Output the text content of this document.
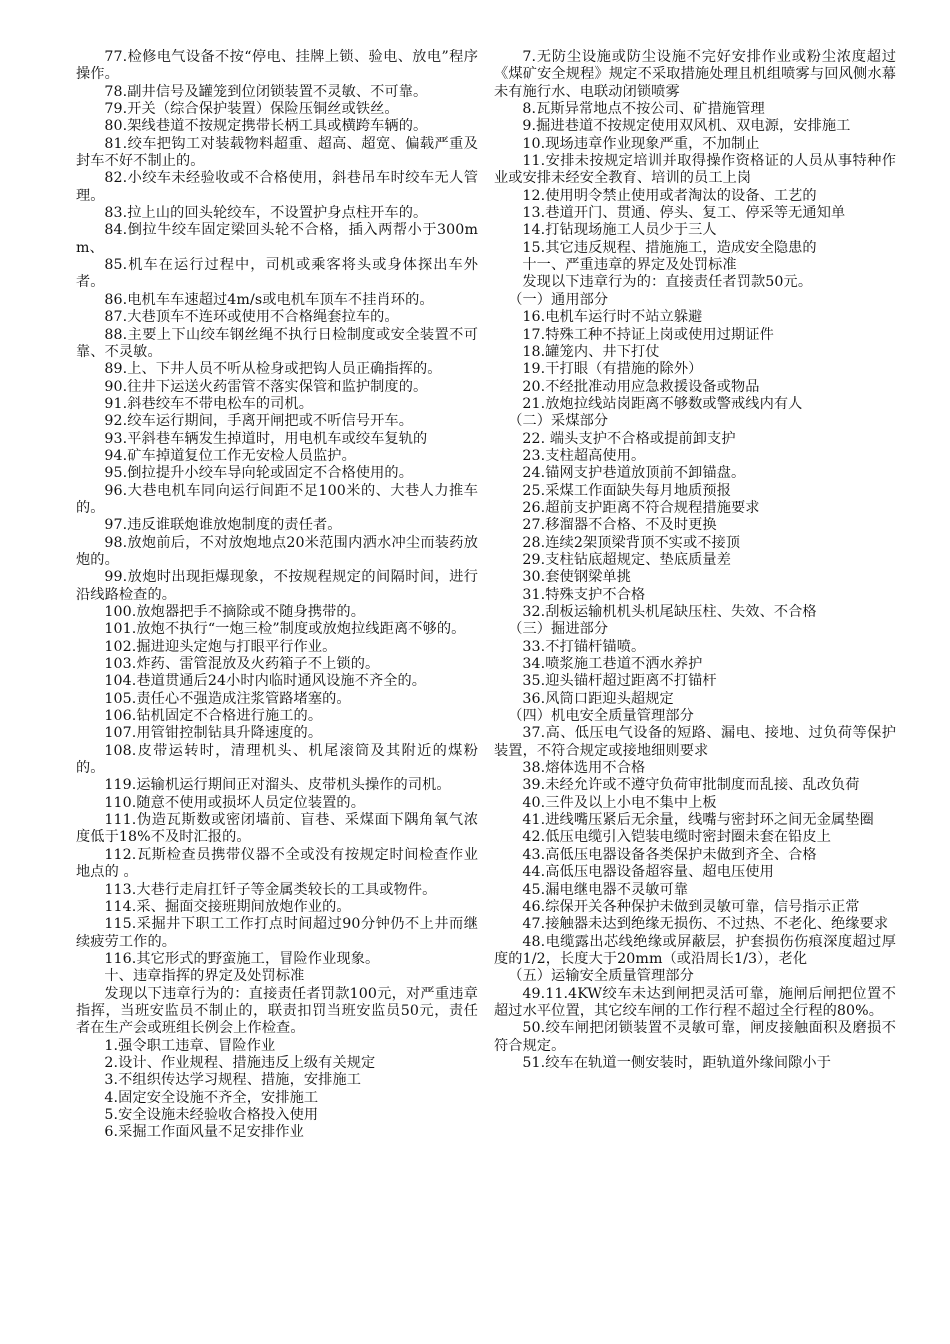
77.检修电气设备不按“停电、挂牌上锁、验电、放电”程序操作。

78.副井信号及罐笼到位闭锁装置不灵敏、不可靠。

79.开关（综合保护装置）保险压铜丝或铁丝。

80.架线巷道不按规定携带长柄工具或横跨车辆的。

81.绞车把钩工对装载物料超重、超高、超宽、偏载严重及封车不好不制止的。

82.小绞车未经验收或不合格使用，斜巷吊车时绞车无人管理。

83.拉上山的回头轮绞车，不设置护身点柱开车的。

84.倒拉牛绞车固定梁回头轮不合格，插入两帮小于300mm、

85.机车在运行过程中，司机或乘客将头或身体探出车外者。

86.电机车车速超过4m/s或电机车顶车不挂肖环的。

87.大巷顶车不连环或使用不合格绳套拉车的。

88.主要上下山绞车钢丝绳不执行日检制度或安全装置不可靠、不灵敏。

89.上、下井人员不听从检身或把钩人员正确指挥的。

90.往井下运送火药雷管不落实保管和监护制度的。

91.斜巷绞车不带电松车的司机。

92.绞车运行期间，手离开闸把或不听信号开车。

93.平斜巷车辆发生掉道时，用电机车或绞车复轨的

94.矿车掉道复位工作无安检人员监护。

95.倒拉提升小绞车导向轮或固定不合格使用的。

96.大巷电机车同向运行间距不足100米的、大巷人力推车的。

97.违反谁联炮谁放炮制度的责任者。

98.放炮前后，不对放炮地点20米范围内洒水冲尘而装药放炮的。

99.放炮时出现拒爆现象，不按规程规定的间隔时间，进行沿线路检查的。

100.放炮器把手不摘除或不随身携带的。

101.放炮不执行“一炮三检”制度或放炮拉线距离不够的。

102.掘进迎头定炮与打眼平行作业。

103.炸药、雷管混放及火药箱子不上锁的。

104.巷道贯通后24小时内临时通风设施不齐全的。

105.责任心不强造成注浆管路堵塞的。

106.钻机固定不合格进行施工的。

107.用管钳控制钻具升降速度的。

108.皮带运转时，清理机头、机尾滚筒及其附近的煤粉的。

119.运输机运行期间正对溜头、皮带机头操作的司机。

110.随意不使用或损坏人员定位装置的。

111.伪造瓦斯数或密闭墙前、盲巷、采煤面下隅角氧气浓度低于18%不及时汇报的。

112.瓦斯检查员携带仪器不全或没有按规定时间检查作业地点的 。

113.大巷行走肩扛钎子等金属类较长的工具或物件。

114.采、掘面交接班期间放炮作业的。

115.采掘井下职工工作打点时间超过90分钟仍不上井而继续疲劳工作的。

116.其它形式的野蛮施工，冒险作业现象。

十、违章指挥的界定及处罚标准

发现以下违章行为的：直接责任者罚款100元，对严重违章指挥，当班安监员不制止的，联责扣罚当班安监员50元，责任者在生产会或班组长例会上作检查。

1.强令职工违章、冒险作业

2.设计、作业规程、措施违反上级有关规定

3.不组织传达学习规程、措施，安排施工

4.固定安全设施不齐全，安排施工

5.安全设施未经验收合格投入使用

6.采掘工作面风量不足安排作业

7.无防尘设施或防尘设施不完好安排作业或粉尘浓度超过《煤矿安全规程》规定不采取措施处理且机组喷雾与回风侧水幕未有施行水、电联动闭锁喷雾

8.瓦斯异常地点不按公司、矿措施管理

9.掘进巷道不按规定使用双风机、双电源，安排施工

10.现场违章作业现象严重，不加制止

11.安排未按规定培训并取得操作资格证的人员从事特种作业或安排未经安全教育、培训的员工上岗

12.使用明令禁止使用或者淘汰的设备、工艺的

13.巷道开门、贯通、停头、复工、停采等无通知单

14.打钻现场施工人员少于三人

15.其它违反规程、措施施工，造成安全隐患的

十一、严重违章的界定及处罚标准

发现以下违章行为的：直接责任者罚款50元。

（一）通用部分

16.电机车运行时不站立躲避

17.特殊工种不持证上岗或使用过期证件

18.罐笼内、井下打仗

19.干打眼（有措施的除外）

20.不经批准动用应急救援设备或物品

21.放炮拉线站岗距离不够数或警戒线内有人

（二）采煤部分

22. 端头支护不合格或提前卸支护

23.支柱超高使用。

24.锚网支护巷道放顶前不卸锚盘。

25.采煤工作面缺失每月地质预报

26.超前支护距离不符合规程措施要求

27.移溜器不合格、不及时更换

28.连续2架顶梁背顶不实或不接顶

29.支柱钻底超规定、垫底质量差

30.套使钢梁单挑

31.特殊支护不合格

32.刮板运输机机头机尾缺压柱、失效、不合格

（三）掘进部分

33.不打锚杆锚喷。

34.喷浆施工巷道不洒水养护

35.迎头锚杆超过距离不打锚杆

36.风筒口距迎头超规定

（四）机电安全质量管理部分

37.高、低压电气设备的短路、漏电、接地、过负荷等保护装置，不符合规定或接地细则要求

38.熔体选用不合格

39.未经允许或不遵守负荷审批制度而乱接、乱改负荷

40.三件及以上小电不集中上板

41.进线嘴压紧后无余量，线嘴与密封环之间无金属垫圈

42.低压电缆引入铠装电缆时密封圈未套在铅皮上

43.高低压电器设备各类保护未做到齐全、合格

44.高低压电器设备超容量、超电压使用

45.漏电继电器不灵敏可靠

46.综保开关各种保护未做到灵敏可靠，信号指示正常

47.接触器未达到绝缘无损伤、不过热、不老化、绝缘要求

48.电缆露出芯线绝缘或屏蔽层，护套损伤伤痕深度超过厚度的1/2，长度大于20mm（或沿周长1/3），老化

（五）运输安全质量管理部分

49.11.4KW绞车未达到闸把灵活可靠，施闸后闸把位置不超过水平位置，其它绞车闸的工作行程不超过全行程的80%。

50.绞车闸把闭锁装置不灵敏可靠，闸皮接触面积及磨损不符合规定。

51.绞车在轨道一侧安装时，距轨道外缘间隙小于
